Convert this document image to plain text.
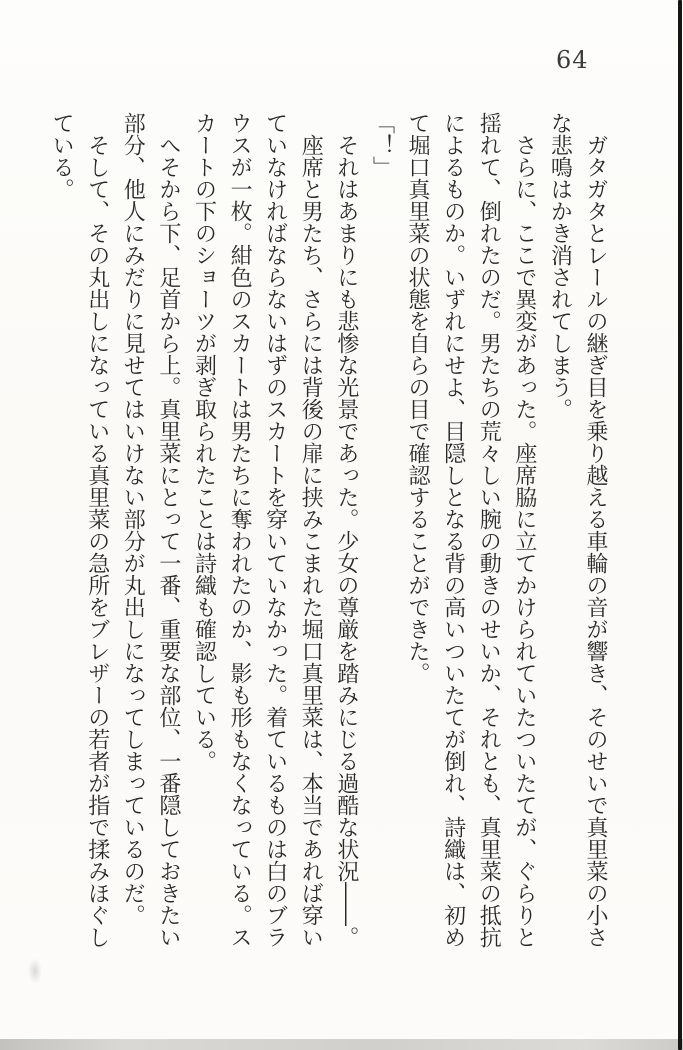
64
　ガタガタとレールの継ぎ目を乗り越える車輪の音が響き、そのせいで真里菜の小さ
な悲鳴はかき消されてしまう。
　さらに、ここで異変があった。座席脇に立てかけられていたついたてが、ぐらりと
揺れて、倒れたのだ。男たちの荒々しい腕の動きのせいか、それとも、真里菜の抵抗
によるものか。いずれにせよ、目隠しとなる背の高いついたてが倒れ、詩織は、初め
て堀口真里菜の状態を自らの目で確認することができた。
「！」
　それはあまりにも悲惨な光景であった。少女の尊厳を踏みにじる過酷な状況――。
　座席と男たち、さらには背後の扉に挟みこまれた堀口真里菜は、本当であれば穿い
ていなければならないはずのスカートを穿いていなかった。着ているものは白のブラ
ウスが一枚。紺色のスカートは男たちに奪われたのか、影も形もなくなっている。ス
カートの下のショーツが剥ぎ取られたことは詩織も確認している。
　へそから下、足首から上。真里菜にとって一番、重要な部位、一番隠しておきたい
部分、他人にみだりに見せてはいけない部分が丸出しになってしまっているのだ。
　そして、その丸出しになっている真里菜の急所をブレザーの若者が指で揉みほぐし
ている。
